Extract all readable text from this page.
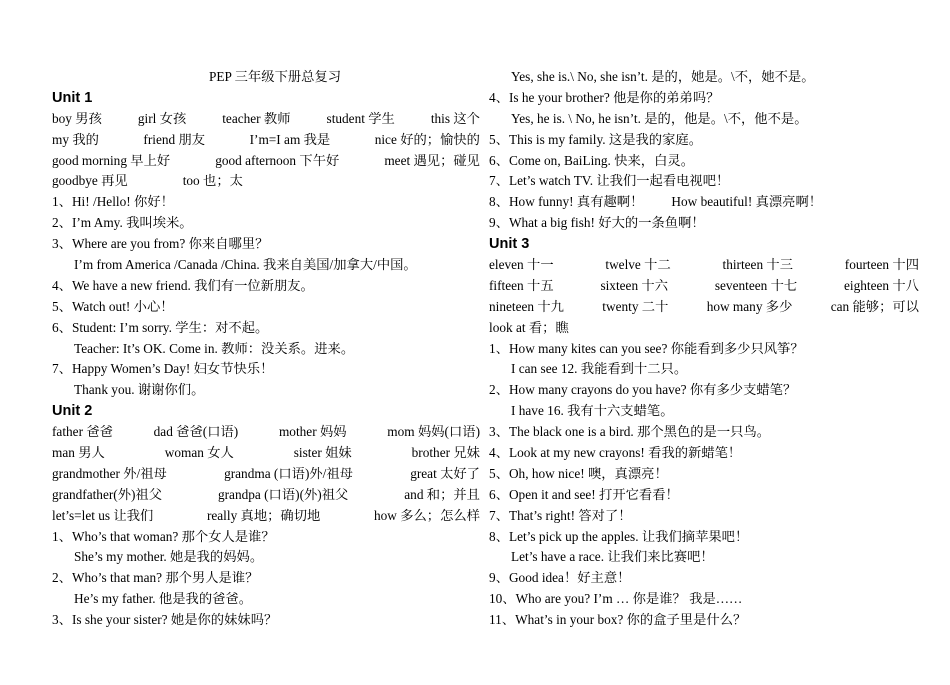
PEP 三年级下册总复习
Unit 1
boy 男孩	girl 女孩	teacher 教师	student 学生	this 这个
my 我的	friend 朋友	I’m=I am 我是	nice 好的；愉快的
good morning 早上好	good afternoon 下午好	meet 遇见；碰见
goodbye 再见	too 也；太
1、Hi! /Hello! 你好！
2、I’m Amy. 我叫埃米。
3、Where are you from? 你来自哪里？
I’m from America /Canada /China. 我来自美国/加拿大/中国。
4、We have a new friend. 我们有一位新朋友。
5、Watch out! 小心！
6、Student: I’m sorry. 学生：对不起。
Teacher: It’s OK. Come in. 教师：没关系。进来。
7、Happy Women’s Day! 妇女节快乐！
Thank you. 谢谢你们。
Unit 2
father 爸爸	dad 爸爸(口语)	mother 妈妈	mom 妈妈(口语)
man 男人	woman 女人	sister 姐妹	brother 兄妹
grandmother 外/祖母	grandma (口语)外/祖母	great 太好了
grandfather(外)祖父	grandpa (口语)(外)祖父	and 和；并且
let’s=let us 让我们	really 真地；确切地	how 多么；怎么样
1、Who’s that woman? 那个女人是谁？
She’s my mother. 她是我的妈妈。
2、Who’s that man? 那个男人是谁？
He’s my father. 他是我的爸爸。
3、Is she your sister? 她是你的妹妹吗？
Yes, she is.\ No, she isn’t. 是的，她是。\不，她不是。
4、Is he your brother? 他是你的弟弟吗？
Yes, he is. \ No, he isn’t. 是的，他是。\不，他不是。
5、This is my family. 这是我的家庭。
6、Come on, BaiLing. 快来，白灵。
7、Let’s watch TV. 让我们一起看电视吧！
8、How funny! 真有趣啊！ How beautiful! 真漂亮啊！
9、What a big fish! 好大的一条鱼啊！
Unit 3
eleven 十一	twelve 十二	thirteen 十三	fourteen 十四
fifteen 十五	sixteen 十六	seventeen 十七	eighteen 十八
nineteen 十九	twenty 二十	how many 多少	can 能够；可以
look at 看；瞧
1、How many kites can you see? 你能看到多少只风筝？
I can see 12. 我能看到十二只。
2、How many crayons do you have? 你有多少支蜡笔？
I have 16. 我有十六支蜡笔。
3、The black one is a bird. 那个黑色的是一只鸟。
4、Look at my new crayons! 看我的新蜡笔！
5、Oh, how nice! 噢，真漂亮！
6、Open it and see! 打开它看看！
7、That’s right! 答对了！
8、Let’s pick up the apples. 让我们摘苹果吧！
Let’s have a race. 让我们来比赛吧！
9、Good idea！好主意！
10、Who are you? I’m … 你是谁？ 我是……
11、What’s in your box? 你的盒子里是什么？
